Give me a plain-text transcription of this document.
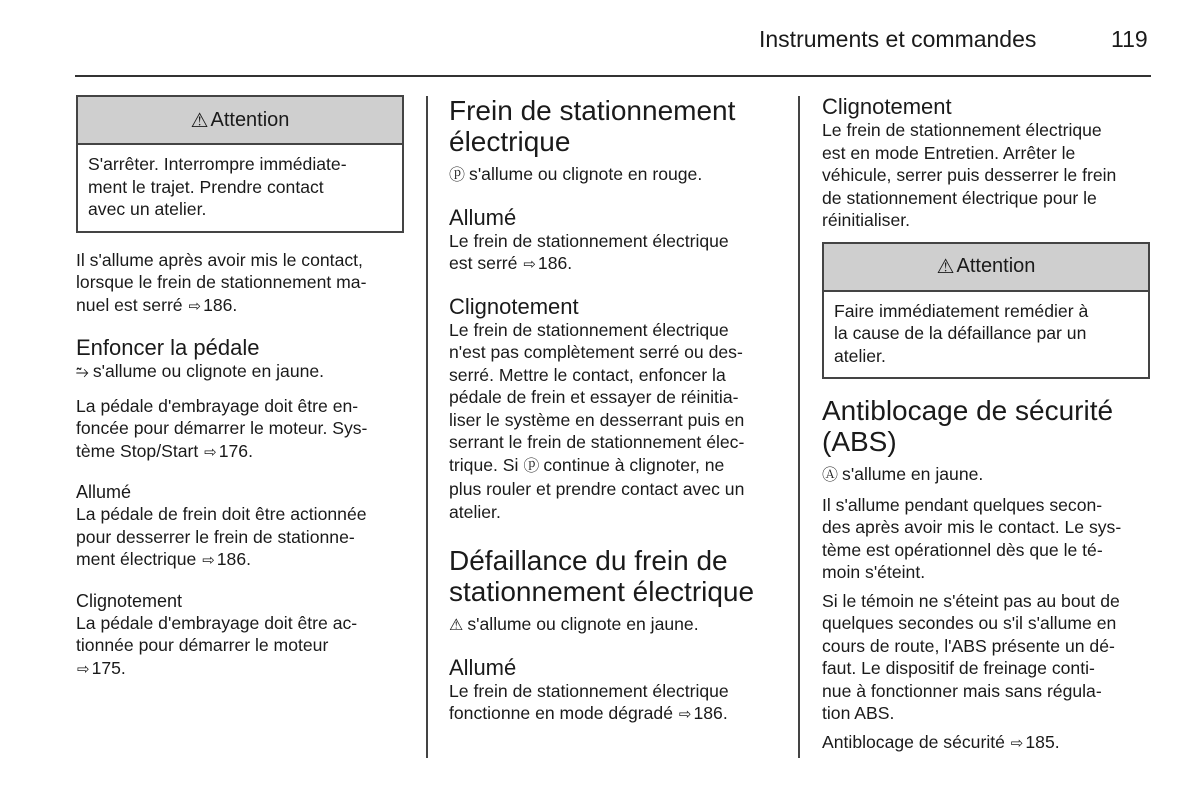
Instruments et commandes	119
⚠ Attention
S'arrêter. Interrompre immédiate-
ment le trajet. Prendre contact
avec un atelier.
Il s'allume après avoir mis le contact,
lorsque le frein de stationnement ma-
nuel est serré ⇨ 186.
Enfoncer la pédale
⥲ s'allume ou clignote en jaune.
La pédale d'embrayage doit être en-
foncée pour démarrer le moteur. Sys-
tème Stop/Start ⇨ 176.
Allumé
La pédale de frein doit être actionnée
pour desserrer le frein de stationne-
ment électrique ⇨ 186.
Clignotement
La pédale d'embrayage doit être ac-
tionnée pour démarrer le moteur
⇨ 175.
Frein de stationnement
électrique
ⓟ s'allume ou clignote en rouge.
Allumé
Le frein de stationnement électrique
est serré ⇨ 186.
Clignotement
Le frein de stationnement électrique
n'est pas complètement serré ou des-
serré. Mettre le contact, enfoncer la
pédale de frein et essayer de réinitia-
liser le système en desserrant puis en
serrant le frein de stationnement élec-
trique. Si ⓟ continue à clignoter, ne
plus rouler et prendre contact avec un
atelier.
Défaillance du frein de
stationnement électrique
⚠ s'allume ou clignote en jaune.
Allumé
Le frein de stationnement électrique
fonctionne en mode dégradé ⇨ 186.
Clignotement
Le frein de stationnement électrique
est en mode Entretien. Arrêter le
véhicule, serrer puis desserrer le frein
de stationnement électrique pour le
réinitialiser.
⚠ Attention
Faire immédiatement remédier à
la cause de la défaillance par un
atelier.
Antiblocage de sécurité
(ABS)
Ⓐ s'allume en jaune.
Il s'allume pendant quelques secon-
des après avoir mis le contact. Le sys-
tème est opérationnel dès que le té-
moin s'éteint.
Si le témoin ne s'éteint pas au bout de
quelques secondes ou s'il s'allume en
cours de route, l'ABS présente un dé-
faut. Le dispositif de freinage conti-
nue à fonctionner mais sans régula-
tion ABS.
Antiblocage de sécurité ⇨ 185.
